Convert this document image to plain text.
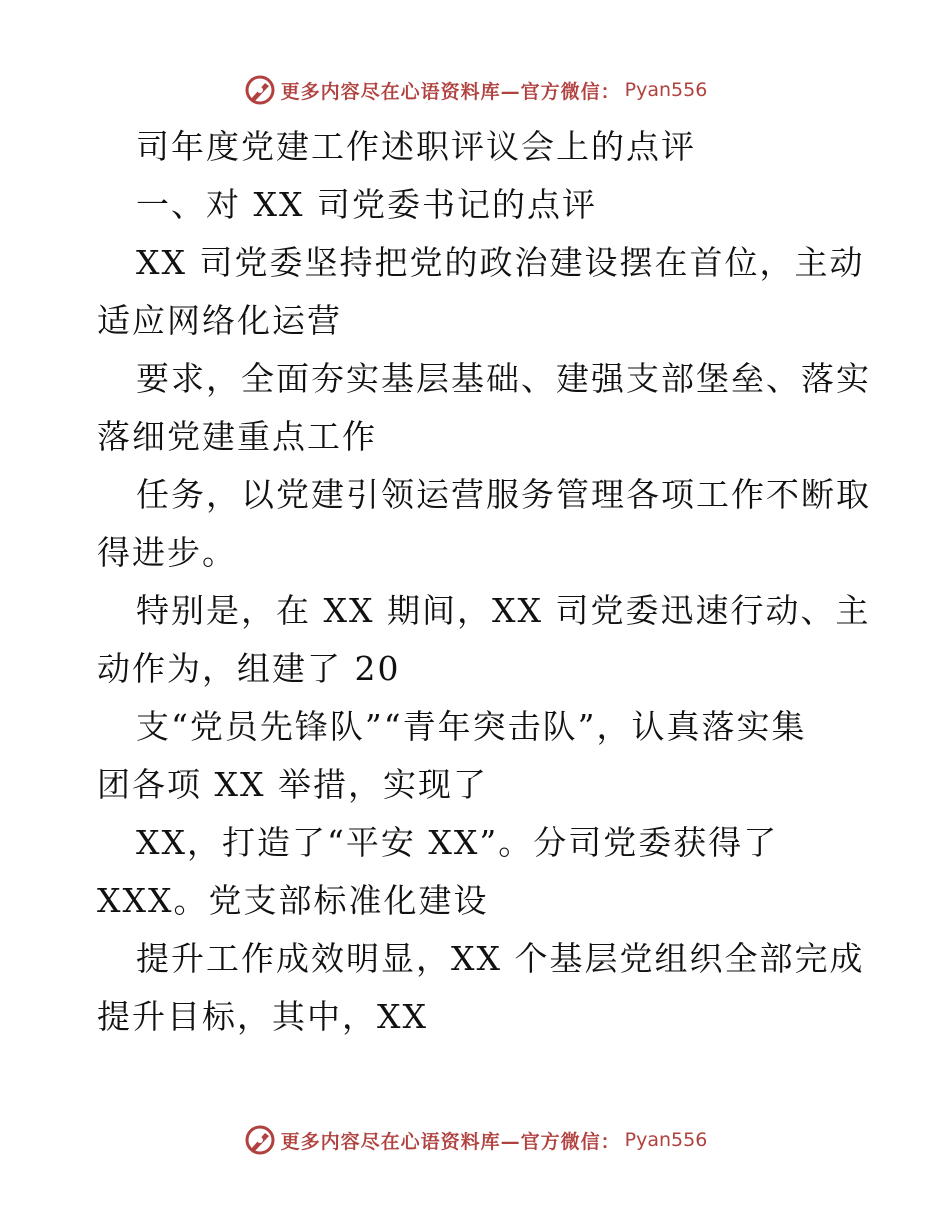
更多内容尽在心语资料库—官方微信： Pyan556
司年度党建工作述职评议会上的点评
一、对 XX 司党委书记的点评
XX 司党委坚持把党的政治建设摆在首位，主动
适应网络化运营
要求，全面夯实基层基础、建强支部堡垒、落实
落细党建重点工作
任务，以党建引领运营服务管理各项工作不断取
得进步。
特别是，在 XX 期间，XX 司党委迅速行动、主
动作为，组建了 20
支“党员先锋队”“青年突击队”，认真落实集
团各项 XX 举措，实现了
XX，打造了“平安 XX”。分司党委获得了
XXX。党支部标准化建设
提升工作成效明显，XX 个基层党组织全部完成
提升目标，其中，XX
更多内容尽在心语资料库—官方微信： Pyan556
